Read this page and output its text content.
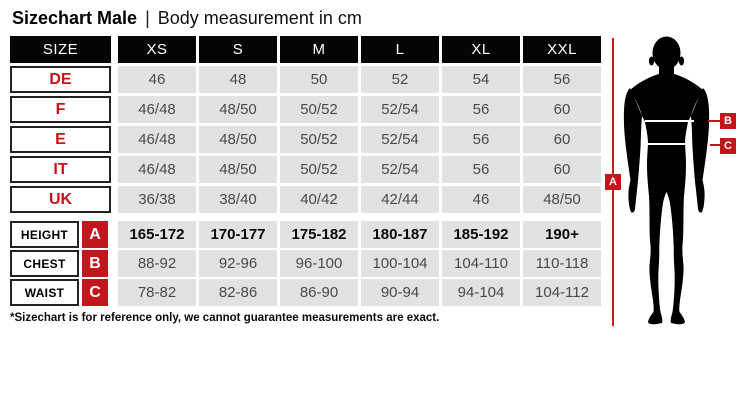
Sizechart Male | Body measurement in cm
SIZE	XS	S	M	L	XL	XXL
DE	46	48	50	52	54	56
F	46/48	48/50	50/52	52/54	56	60
E	46/48	48/50	50/52	52/54	56	60
IT	46/48	48/50	50/52	52/54	56	60
UK	36/38	38/40	40/42	42/44	46	48/50
HEIGHT	A	165-172	170-177	175-182	180-187	185-192	190+
CHEST	B	88-92	92-96	96-100	100-104	104-110	110-118
WAIST	C	78-82	82-86	86-90	90-94	94-104	104-112
*Sizechart is for reference only, we cannot guarantee measurements are exact.
A
B
C
